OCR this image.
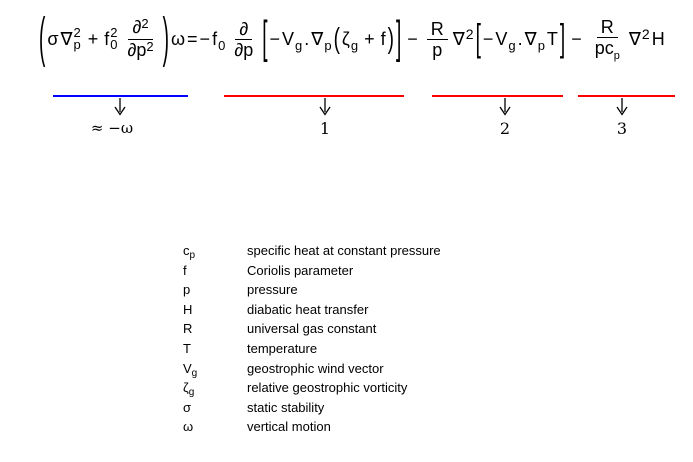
( σ ∇ 2
p + f 2
$0 \frac{\partial^2}{\partial p^2}$ ) ω = − f $0 \frac{\partial}{\partial p}$ [ − V g . ∇ p ( ζ g + f ) ] − $\frac{R}{p}$ ∇ 2 [ − V g . ∇ p T ] − $\frac{R}{pc_p}$ ∇ 2 H
≈ −ω	1	2	3
$c_p$	specific heat at constant pressure
f	Coriolis parameter
p	pressure
H	diabatic heat transfer
R	universal gas constant
T	temperature
$V_g$	geostrophic wind vector
$\zeta_g$	relative geostrophic vorticity
σ	static stability
ω	vertical motion
